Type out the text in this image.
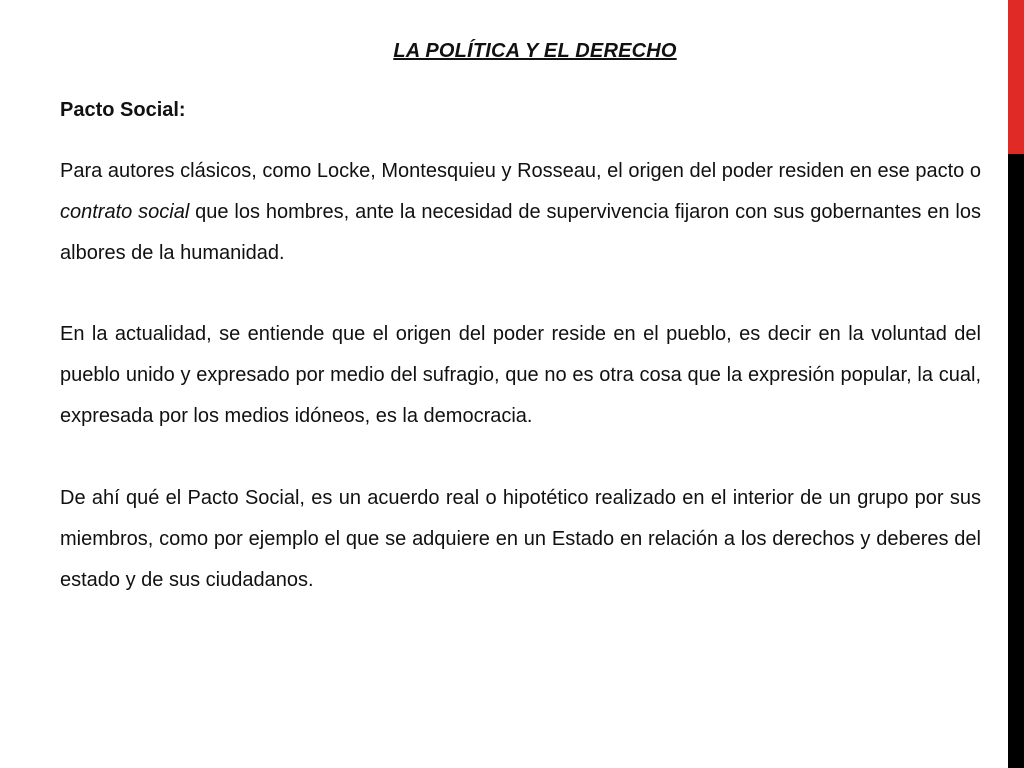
LA POLÍTICA Y EL DERECHO
Pacto Social:

Para autores clásicos, como Locke, Montesquieu y Rosseau, el origen del poder residen en ese pacto o contrato social que los hombres, ante la necesidad de supervivencia fijaron con sus gobernantes en los albores de la humanidad.

En la actualidad, se entiende que el origen del poder reside en el pueblo, es decir en la voluntad del pueblo unido y expresado por medio del sufragio, que no es otra cosa que la expresión popular, la cual, expresada por los medios idóneos, es la democracia.

De ahí qué el Pacto Social, es un acuerdo real o hipotético realizado en el interior de un grupo por sus miembros, como por ejemplo el que se adquiere en un Estado en relación a los derechos y deberes del estado y de sus ciudadanos.
